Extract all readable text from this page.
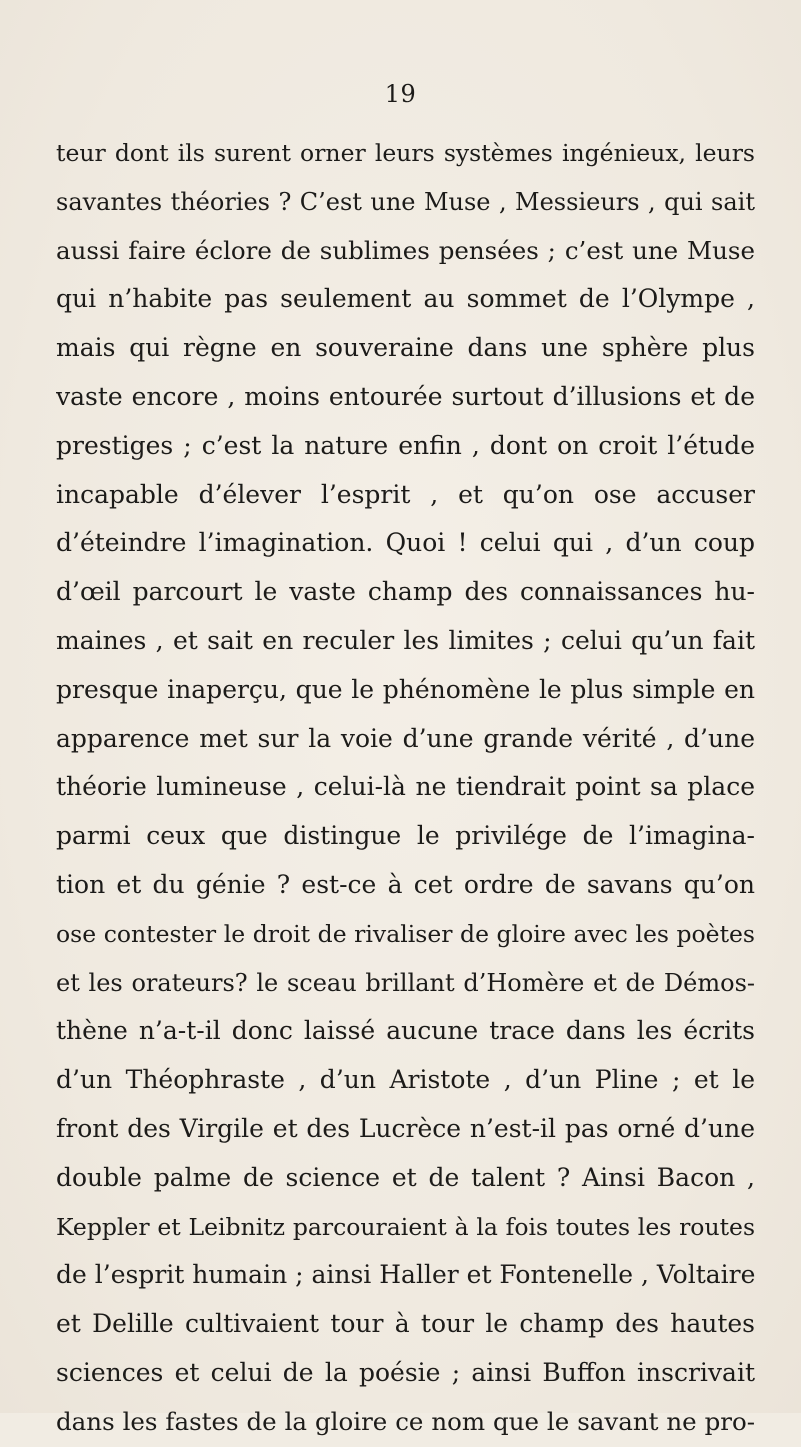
19
teur dont ils surent orner leurs systèmes ingénieux, leurs
savantes théories ? C’est une Muse , Messieurs , qui sait
aussi faire éclore de sublimes pensées ; c’est une Muse
qui n’habite pas seulement au sommet de l’Olympe ,
mais qui règne en souveraine dans une sphère plus
vaste encore , moins entourée surtout d’illusions et de
prestiges ; c’est la nature enfin , dont on croit l’étude
incapable d’élever l’esprit , et qu’on ose accuser
d’éteindre l’imagination. Quoi ! celui qui , d’un coup
d’œil parcourt le vaste champ des connaissances hu-
maines , et sait en reculer les limites ; celui qu’un fait
presque inaperçu, que le phénomène le plus simple en
apparence met sur la voie d’une grande vérité , d’une
théorie lumineuse , celui-là ne tiendrait point sa place
parmi ceux que distingue le privilége de l’imagina-
tion et du génie ? est-ce à cet ordre de savans qu’on
ose contester le droit de rivaliser de gloire avec les poètes
et les orateurs? le sceau brillant d’Homère et de Démos-
thène n’a-t-il donc laissé aucune trace dans les écrits
d’un Théophraste , d’un Aristote , d’un Pline ; et le
front des Virgile et des Lucrèce n’est-il pas orné d’une
double palme de science et de talent ? Ainsi Bacon ,
Keppler et Leibnitz parcouraient à la fois toutes les routes
de l’esprit humain ; ainsi Haller et Fontenelle , Voltaire
et Delille cultivaient tour à tour le champ des hautes
sciences et celui de la poésie ; ainsi Buffon inscrivait
dans les fastes de la gloire ce nom que le savant ne pro-
